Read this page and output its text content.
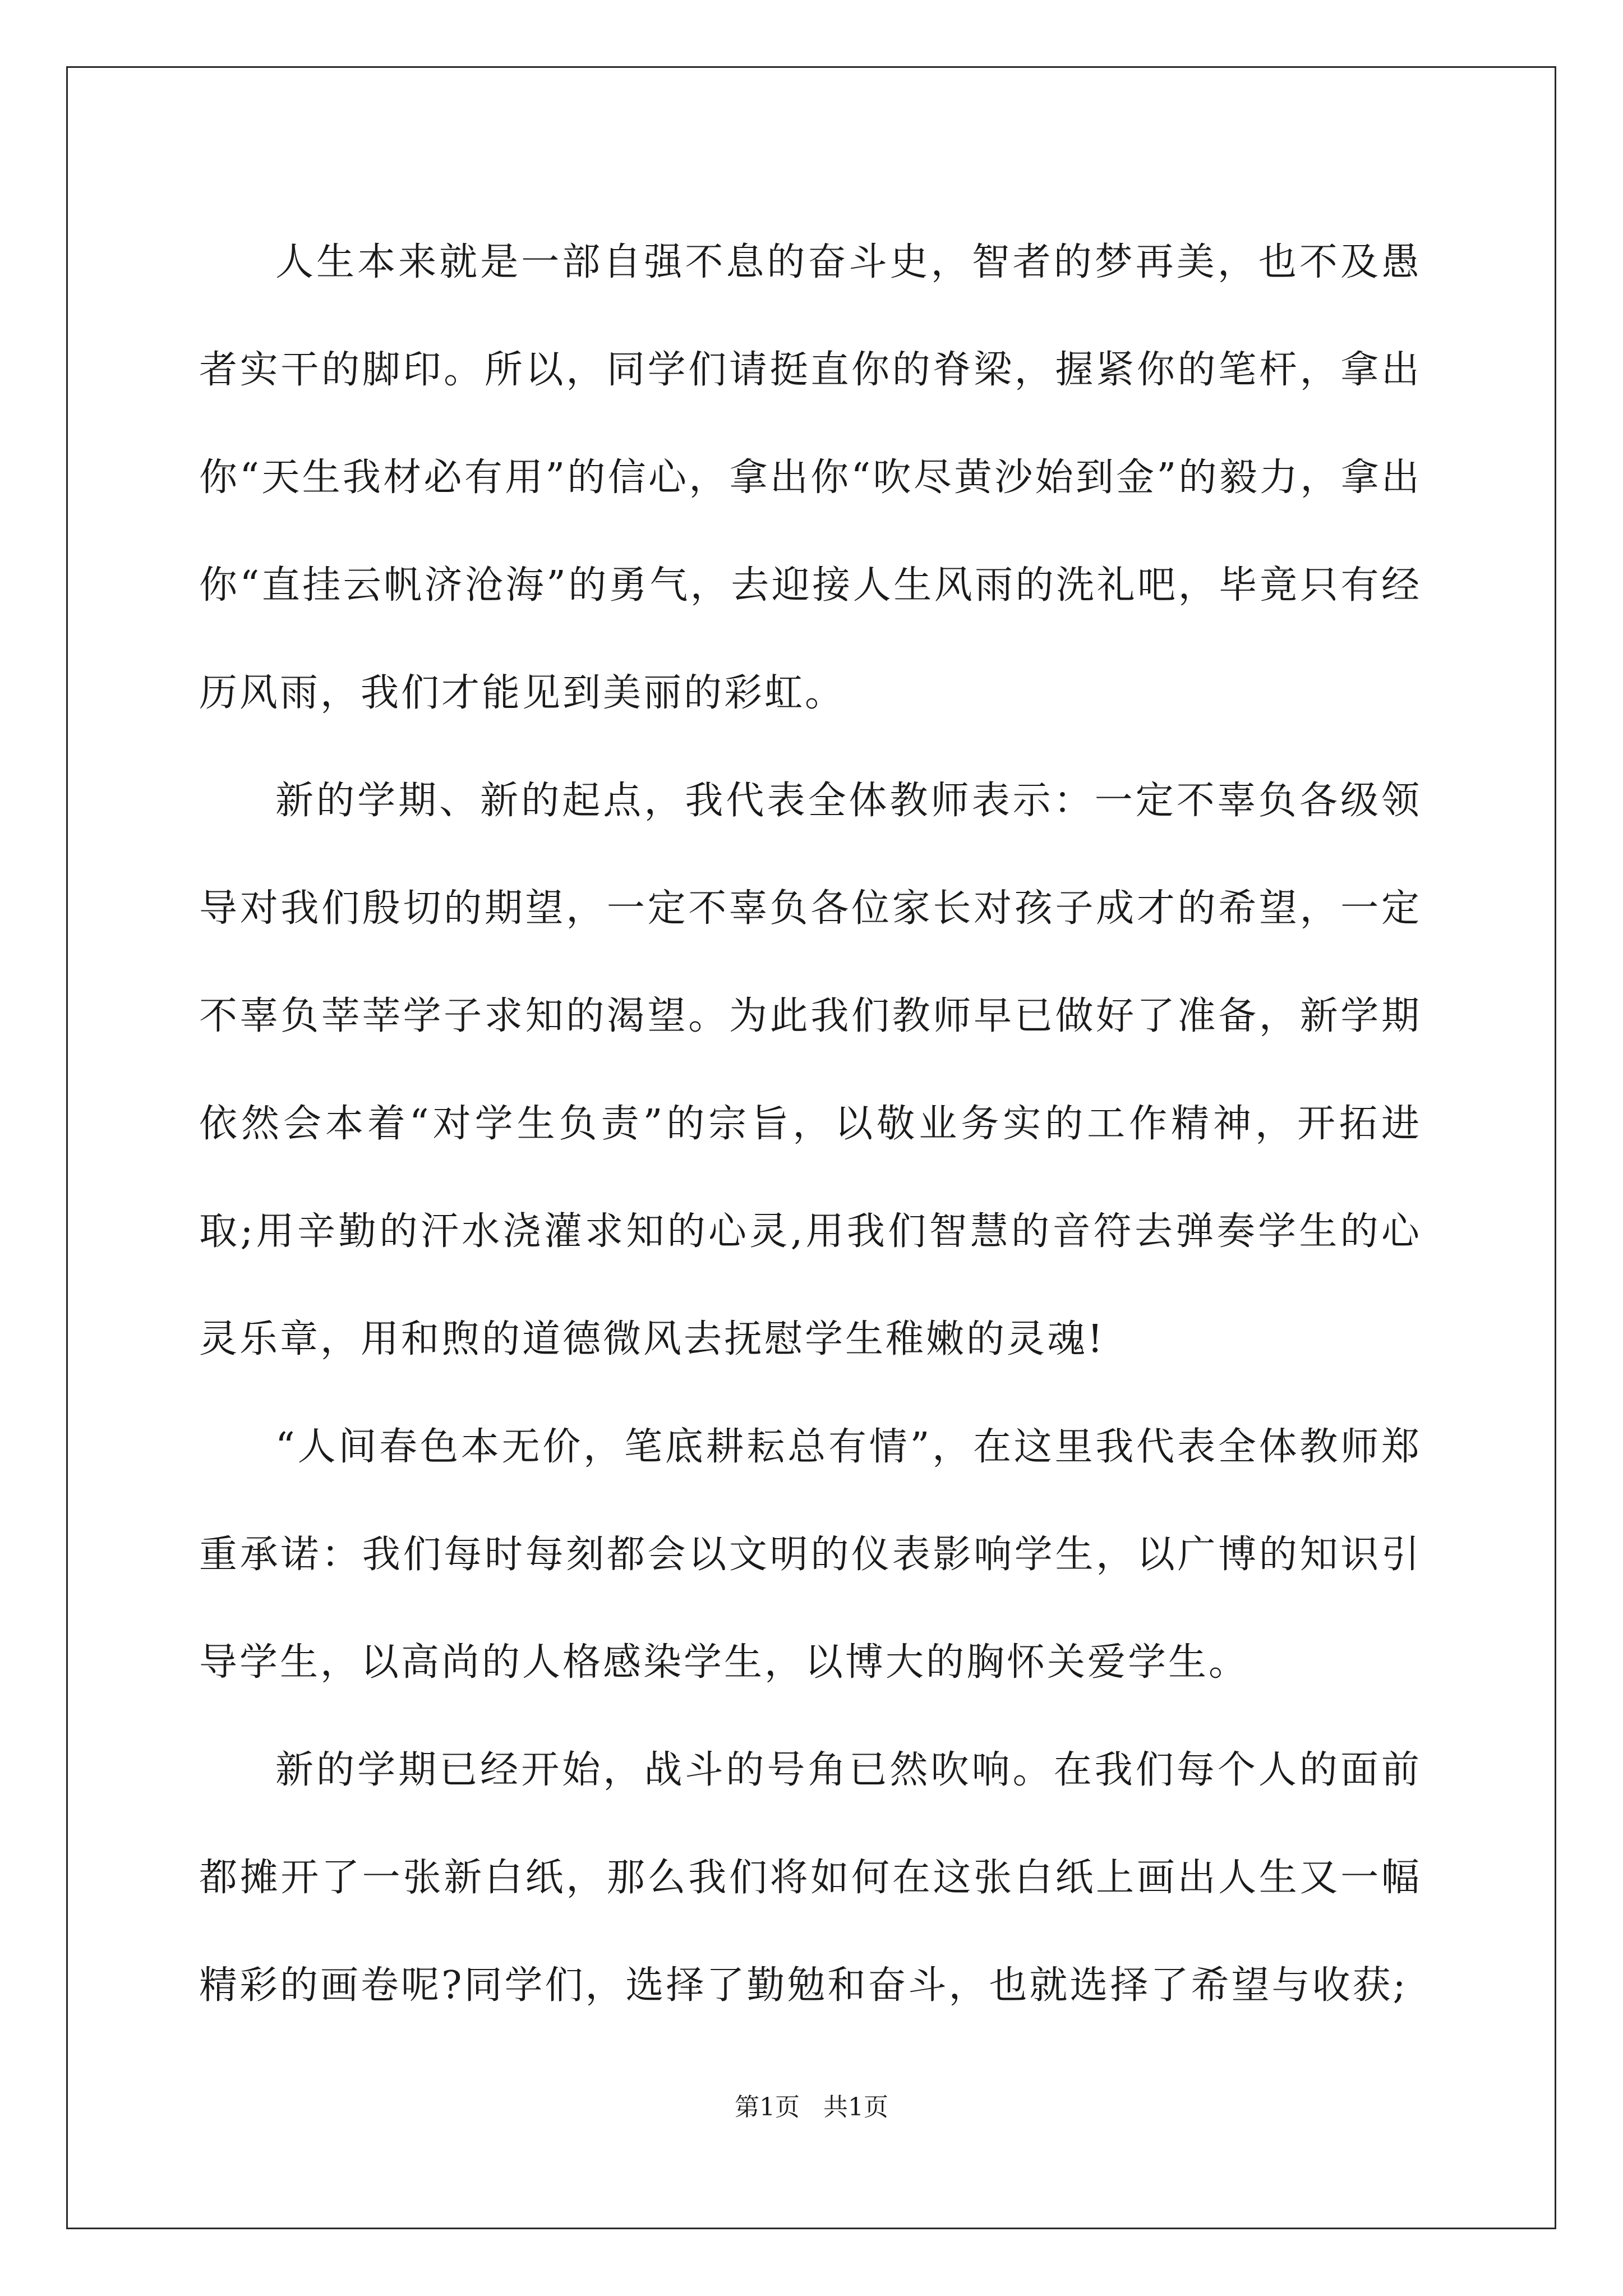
人生本来就是一部自强不息的奋斗史，智者的梦再美，也不及愚者实干的脚印。所以，同学们请挺直你的脊梁，握紧你的笔杆，拿出你“天生我材必有用”的信心，拿出你“吹尽黄沙始到金”的毅力，拿出你“直挂云帆济沧海”的勇气，去迎接人生风雨的洗礼吧，毕竟只有经历风雨，我们才能见到美丽的彩虹。

新的学期、新的起点，我代表全体教师表示：一定不辜负各级领导对我们殷切的期望，一定不辜负各位家长对孩子成才的希望，一定不辜负莘莘学子求知的渴望。为此我们教师早已做好了准备，新学期依然会本着“对学生负责”的宗旨，以敬业务实的工作精神，开拓进取;用辛勤的汗水浇灌求知的心灵,用我们智慧的音符去弹奏学生的心灵乐章，用和煦的道德微风去抚慰学生稚嫩的灵魂!

“人间春色本无价，笔底耕耘总有情”，在这里我代表全体教师郑重承诺：我们每时每刻都会以文明的仪表影响学生，以广博的知识引导学生，以高尚的人格感染学生，以博大的胸怀关爱学生。

新的学期已经开始，战斗的号角已然吹响。在我们每个人的面前都摊开了一张新白纸，那么我们将如何在这张白纸上画出人生又一幅精彩的画卷呢?同学们，选择了勤勉和奋斗，也就选择了希望与收获;

第1页 共1页
